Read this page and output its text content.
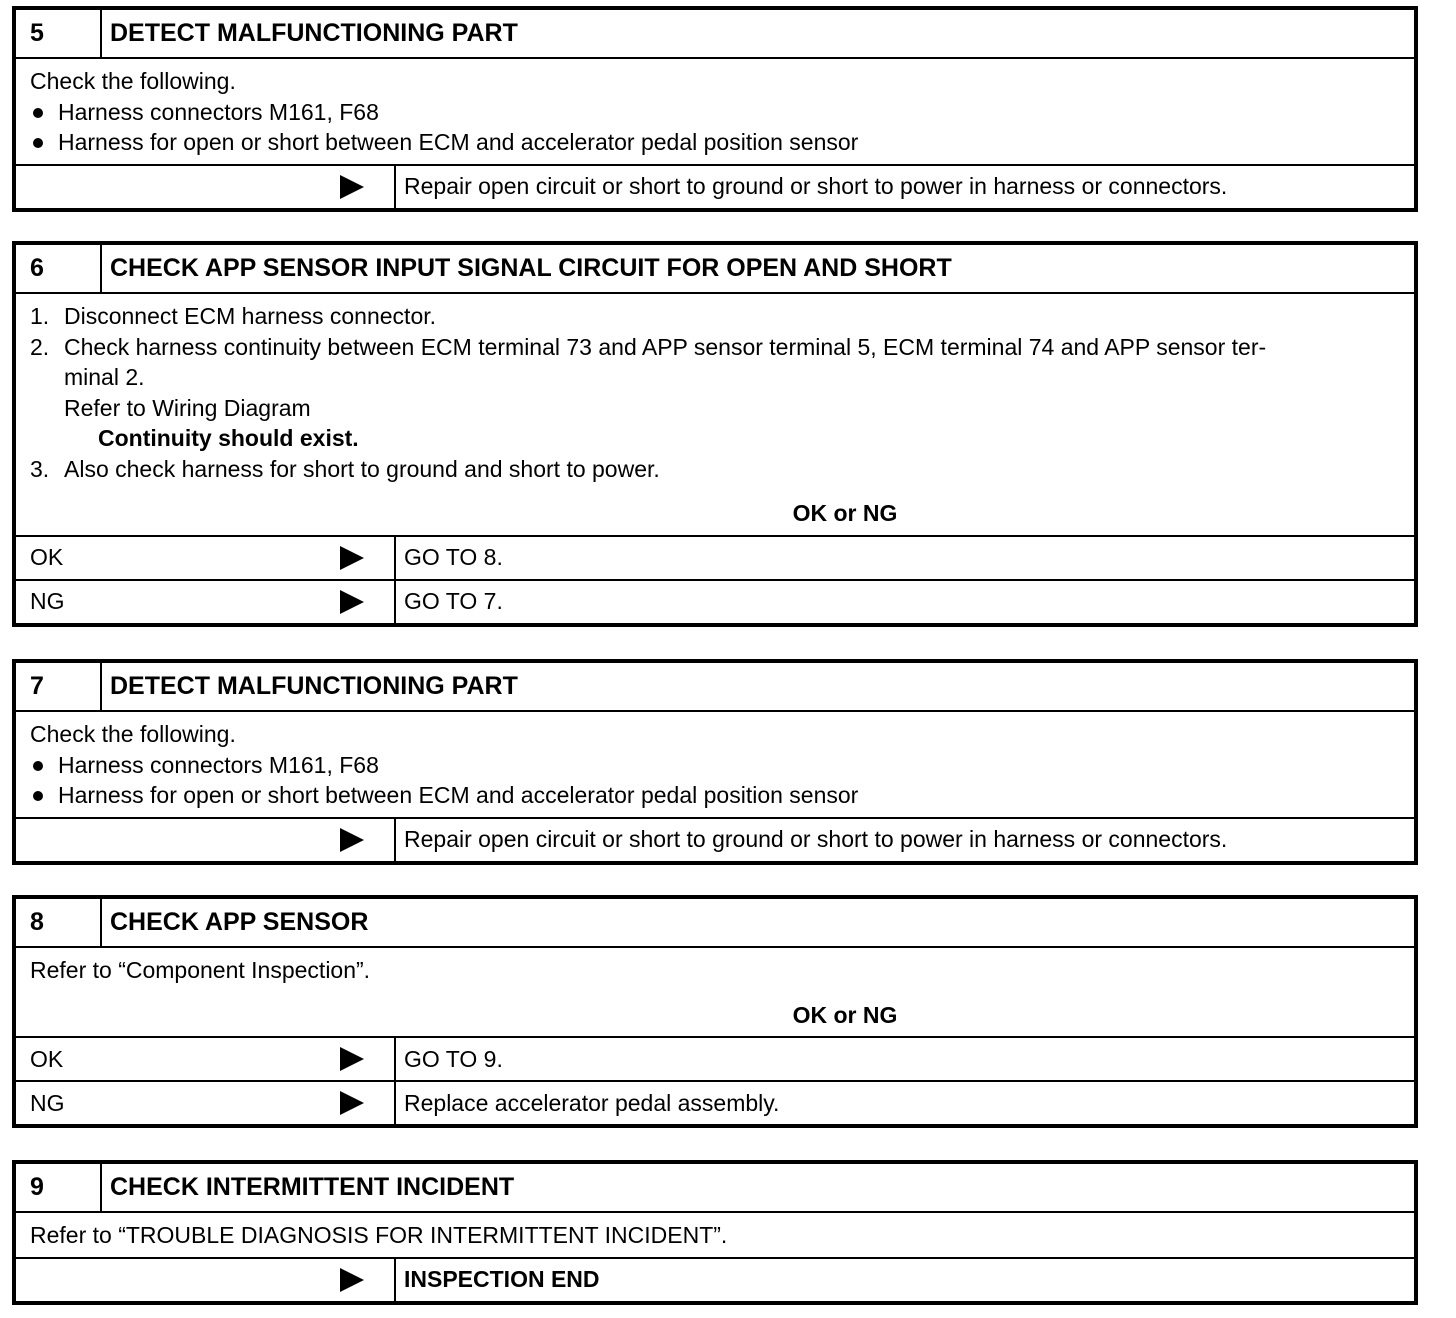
5	DETECT MALFUNCTIONING PART
Check the following.
Harness connectors M161, F68
Harness for open or short between ECM and accelerator pedal position sensor
Repair open circuit or short to ground or short to power in harness or connectors.
6	CHECK APP SENSOR INPUT SIGNAL CIRCUIT FOR OPEN AND SHORT
1. Disconnect ECM harness connector.
2. Check harness continuity between ECM terminal 73 and APP sensor terminal 5, ECM terminal 74 and APP sensor ter-
minal 2.
Refer to Wiring Diagram
Continuity should exist.
3. Also check harness for short to ground and short to power.
OK or NG
OK	GO TO 8.
NG	GO TO 7.
7	DETECT MALFUNCTIONING PART
Check the following.
Harness connectors M161, F68
Harness for open or short between ECM and accelerator pedal position sensor
Repair open circuit or short to ground or short to power in harness or connectors.
8	CHECK APP SENSOR
Refer to “Component Inspection”.
OK or NG
OK	GO TO 9.
NG	Replace accelerator pedal assembly.
9	CHECK INTERMITTENT INCIDENT
Refer to “TROUBLE DIAGNOSIS FOR INTERMITTENT INCIDENT”.
INSPECTION END
